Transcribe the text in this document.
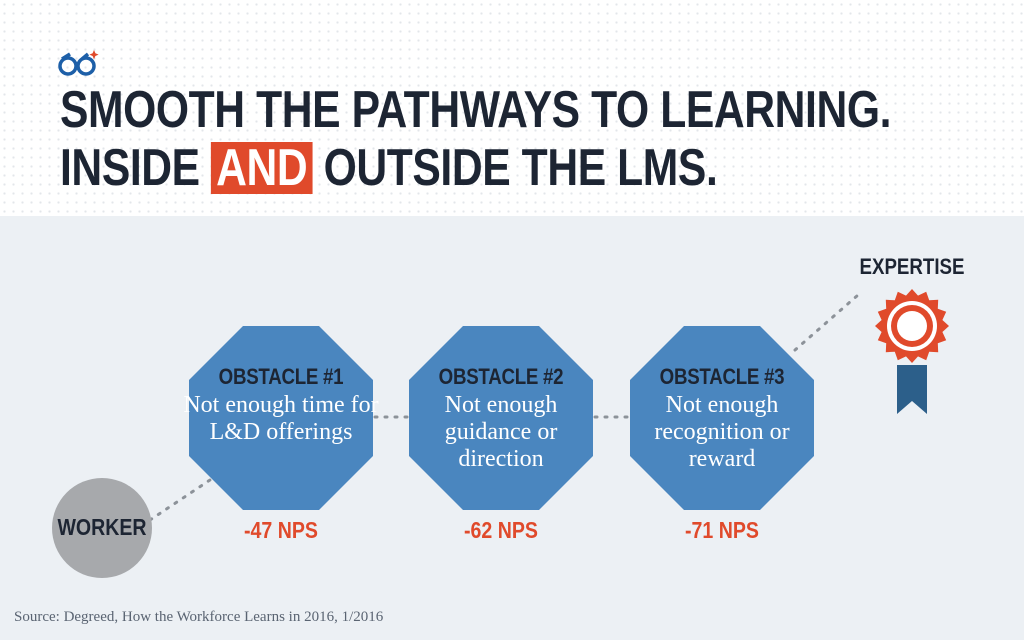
SMOOTH THE PATHWAYS TO LEARNING.
INSIDE AND OUTSIDE THE LMS.
OBSTACLE #1
Not enough time for L&D offerings
OBSTACLE #2
Not enough guidance or direction
OBSTACLE #3
Not enough recognition or reward
-47 NPS	-62 NPS	-71 NPS
WORKER
EXPERTISE
Source: Degreed, How the Workforce Learns in 2016, 1/2016
